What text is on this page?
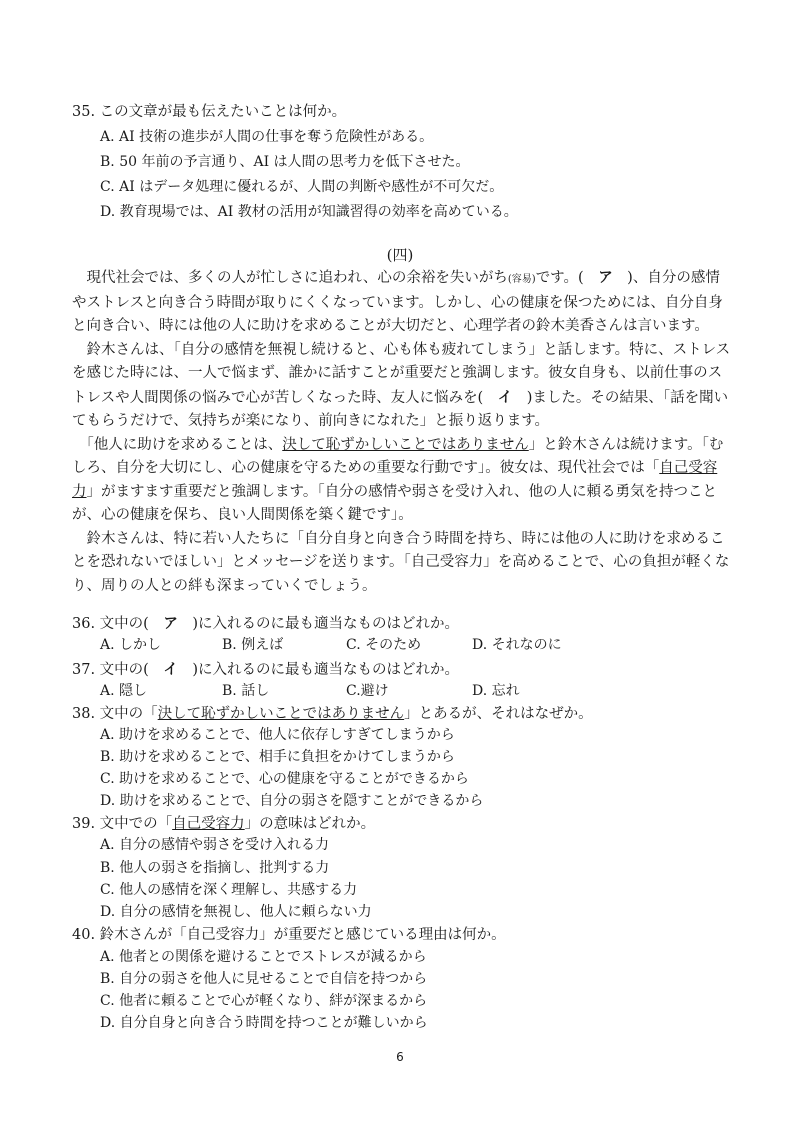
35. この文章が最も伝えたいことは何か。
A. AI 技術の進歩が人間の仕事を奪う危険性がある。
B. 50 年前の予言通り、AI は人間の思考力を低下させた。
C. AI はデータ処理に優れるが、人間の判断や感性が不可欠だ。
D. 教育現場では、AI 教材の活用が知識習得の効率を高めている。
(四)

　現代社会では、多くの人が忙しさに追われ、心の余裕を失いがち(容易)です。(　ア　)、自分の感情やストレスと向き合う時間が取りにくくなっています。しかし、心の健康を保つためには、自分自身と向き合い、時には他の人に助けを求めることが大切だと、心理学者の鈴木美香さんは言います。

　鈴木さんは、「自分の感情を無視し続けると、心も体も疲れてしまう」と話します。特に、ストレスを感じた時には、一人で悩まず、誰かに話すことが重要だと強調します。彼女自身も、以前仕事のストレスや人間関係の悩みで心が苦しくなった時、友人に悩みを(　イ　)ました。その結果、「話を聞いてもらうだけで、気持ちが楽になり、前向きになれた」と振り返ります。

　「他人に助けを求めることは、決して恥ずかしいことではありません」と鈴木さんは続けます。「むしろ、自分を大切にし、心の健康を守るための重要な行動です」。彼女は、現代社会では「自己受容力」がますます重要だと強調します。「自分の感情や弱さを受け入れ、他の人に頼る勇気を持つことが、心の健康を保ち、良い人間関係を築く鍵です」。

　鈴木さんは、特に若い人たちに「自分自身と向き合う時間を持ち、時には他の人に助けを求めることを恐れないでほしい」とメッセージを送ります。「自己受容力」を高めることで、心の負担が軽くなり、周りの人との絆も深まっていくでしょう。

36. 文中の(　ア　)に入れるのに最も適当なものはどれか。
A. しかし	B. 例えば	C. そのため	D. それなのに
37. 文中の(　イ　)に入れるのに最も適当なものはどれか。
A. 隠し	B. 話し	C.避け	D. 忘れ
38. 文中の「決して恥ずかしいことではありません」とあるが、それはなぜか。
A. 助けを求めることで、他人に依存しすぎてしまうから
B. 助けを求めることで、相手に負担をかけてしまうから
C. 助けを求めることで、心の健康を守ることができるから
D. 助けを求めることで、自分の弱さを隠すことができるから
39. 文中での「自己受容力」の意味はどれか。
A. 自分の感情や弱さを受け入れる力
B. 他人の弱さを指摘し、批判する力
C. 他人の感情を深く理解し、共感する力
D. 自分の感情を無視し、他人に頼らない力
40. 鈴木さんが「自己受容力」が重要だと感じている理由は何か。
A. 他者との関係を避けることでストレスが減るから
B. 自分の弱さを他人に見せることで自信を持つから
C. 他者に頼ることで心が軽くなり、絆が深まるから
D. 自分自身と向き合う時間を持つことが難しいから
6
